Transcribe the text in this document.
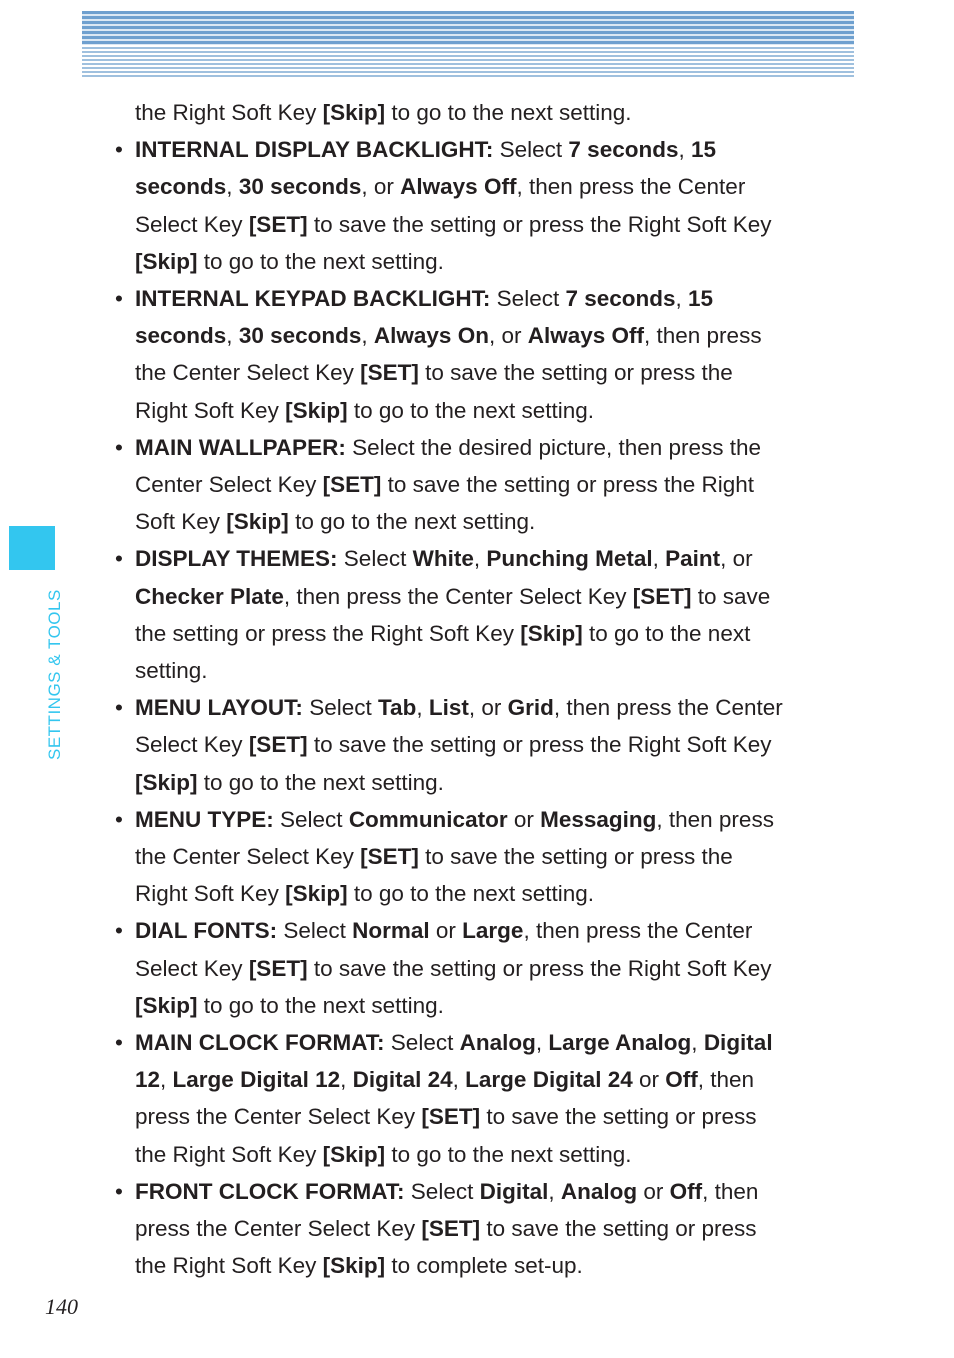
SETTINGS & TOOLS
the Right Soft Key [Skip] to go to the next setting.
• INTERNAL DISPLAY BACKLIGHT: Select 7 seconds, 15
seconds, 30 seconds, or Always Off, then press the Center
Select Key [SET] to save the setting or press the Right Soft Key
[Skip] to go to the next setting.
• INTERNAL KEYPAD BACKLIGHT: Select 7 seconds, 15
seconds, 30 seconds, Always On, or Always Off, then press
the Center Select Key [SET] to save the setting or press the
Right Soft Key [Skip] to go to the next setting.
• MAIN WALLPAPER: Select the desired picture, then press the
Center Select Key [SET] to save the setting or press the Right
Soft Key [Skip] to go to the next setting.
• DISPLAY THEMES: Select White, Punching Metal, Paint, or
Checker Plate, then press the Center Select Key [SET] to save
the setting or press the Right Soft Key [Skip] to go to the next
setting.
• MENU LAYOUT: Select Tab, List, or Grid, then press the Center
Select Key [SET] to save the setting or press the Right Soft Key
[Skip] to go to the next setting.
• MENU TYPE: Select Communicator or Messaging, then press
the Center Select Key [SET] to save the setting or press the
Right Soft Key [Skip] to go to the next setting.
• DIAL FONTS: Select Normal or Large, then press the Center
Select Key [SET] to save the setting or press the Right Soft Key
[Skip] to go to the next setting.
• MAIN CLOCK FORMAT: Select Analog, Large Analog, Digital
12, Large Digital 12, Digital 24, Large Digital 24 or Off, then
press the Center Select Key [SET] to save the setting or press
the Right Soft Key [Skip] to go to the next setting.
• FRONT CLOCK FORMAT: Select Digital, Analog or Off, then
press the Center Select Key [SET] to save the setting or press
the Right Soft Key [Skip] to complete set-up.
140
